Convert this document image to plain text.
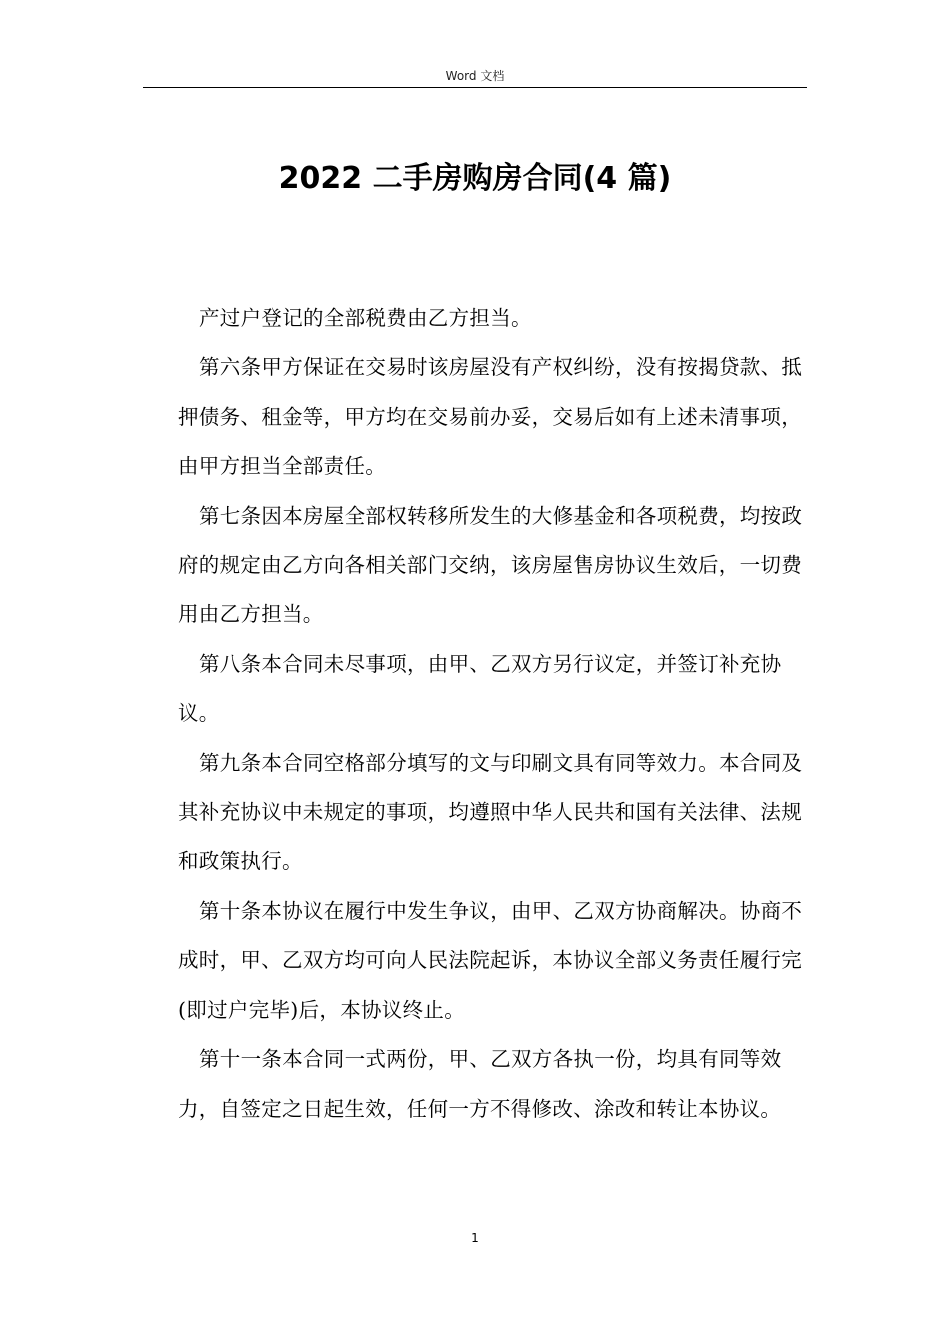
Word 文档
2022 二手房购房合同(4 篇)

产过户登记的全部税费由乙方担当。

第六条甲方保证在交易时该房屋没有产权纠纷，没有按揭贷款、抵押债务、租金等，甲方均在交易前办妥，交易后如有上述未清事项，由甲方担当全部责任。

第七条因本房屋全部权转移所发生的大修基金和各项税费，均按政府的规定由乙方向各相关部门交纳，该房屋售房协议生效后，一切费用由乙方担当。

第八条本合同未尽事项，由甲、乙双方另行议定，并签订补充协议。

第九条本合同空格部分填写的文与印刷文具有同等效力。本合同及其补充协议中未规定的事项，均遵照中华人民共和国有关法律、法规和政策执行。

第十条本协议在履行中发生争议，由甲、乙双方协商解决。协商不成时，甲、乙双方均可向人民法院起诉，本协议全部义务责任履行完(即过户完毕)后，本协议终止。

第十一条本合同一式两份，甲、乙双方各执一份，均具有同等效力，自签定之日起生效，任何一方不得修改、涂改和转让本协议。

1
